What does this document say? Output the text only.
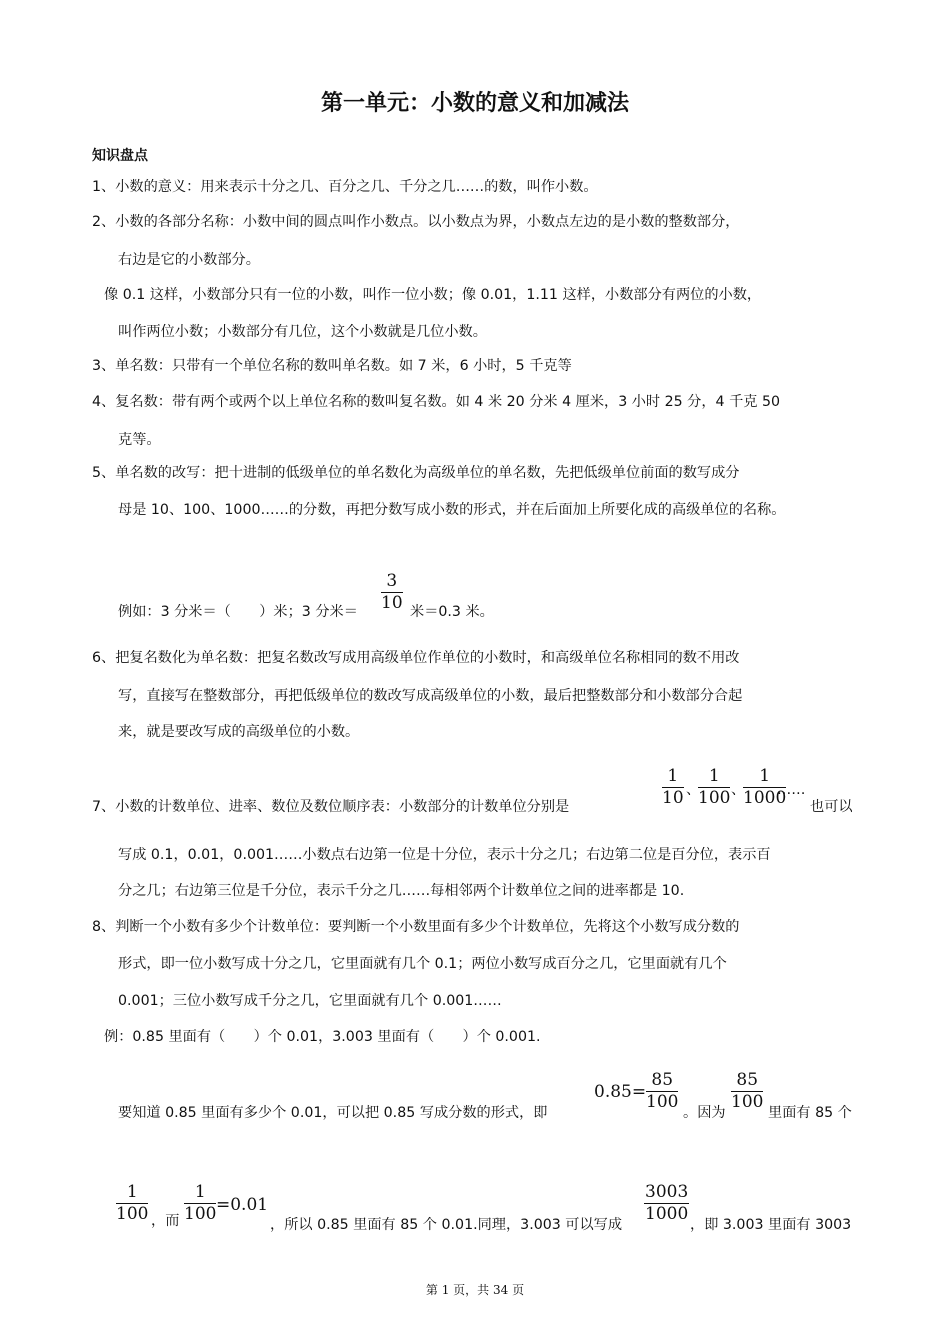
第一单元：小数的意义和加减法
知识盘点
1、小数的意义：用来表示十分之几、百分之几、千分之几……的数，叫作小数。
2、小数的各部分名称：小数中间的圆点叫作小数点。以小数点为界，小数点左边的是小数的整数部分，
右边是它的小数部分。
像 0.1 这样，小数部分只有一位的小数，叫作一位小数；像 0.01，1.11 这样，小数部分有两位的小数，
叫作两位小数；小数部分有几位，这个小数就是几位小数。
3、单名数：只带有一个单位名称的数叫单名数。如 7 米，6 小时，5 千克等
4、复名数：带有两个或两个以上单位名称的数叫复名数。如 4 米 20 分米 4 厘米，3 小时 25 分，4 千克 50
克等。
5、单名数的改写：把十进制的低级单位的单名数化为高级单位的单名数，先把低级单位前面的数写成分
母是 10、100、1000……的分数，再把分数写成小数的形式，并在后面加上所要化成的高级单位的名称。
例如：3 分米＝（　　）米；3 分米＝ $\frac{3}{10}$ 米＝0.3 米。
6、把复名数化为单名数：把复名数改写成用高级单位作单位的小数时，和高级单位名称相同的数不用改
写，直接写在整数部分，再把低级单位的数改写成高级单位的小数，最后把整数部分和小数部分合起
来，就是要改写成的高级单位的小数。
7、小数的计数单位、进率、数位及数位顺序表：小数部分的计数单位分别是	$\frac{1}{10}$ 、
$\frac{1}{100}$ 、
$\frac{1}{1000}$
……
也可以
写成 0.1，0.01，0.001……小数点右边第一位是十分位，表示十分之几；右边第二位是百分位，表示百
分之几；右边第三位是千分位，表示千分之几……每相邻两个计数单位之间的进率都是 10.
8、判断一个小数有多少个计数单位：要判断一个小数里面有多少个计数单位，先将这个小数写成分数的
形式，即一位小数写成十分之几，它里面就有几个 0.1；两位小数写成百分之几，它里面就有几个
0.001；三位小数写成千分之几，它里面就有几个 0.001……
例：0.85 里面有（　　）个 0.01，3.003 里面有（　　）个 0.001.
要知道 0.85 里面有多少个 0.01，可以把 0.85 写成分数的形式，即
$0.85= \frac{85}{100}$
。因为
$\frac{85}{100}$
里面有 85 个
$\frac{1}{100}$ ，而 $\frac{1}{100} =0.01$
，所以 0.85 里面有 85 个 0.01.同理，3.003 可以写成
$\frac{3003}{1000}$
，即 3.003 里面有 3003
第 1 页，共 34 页
